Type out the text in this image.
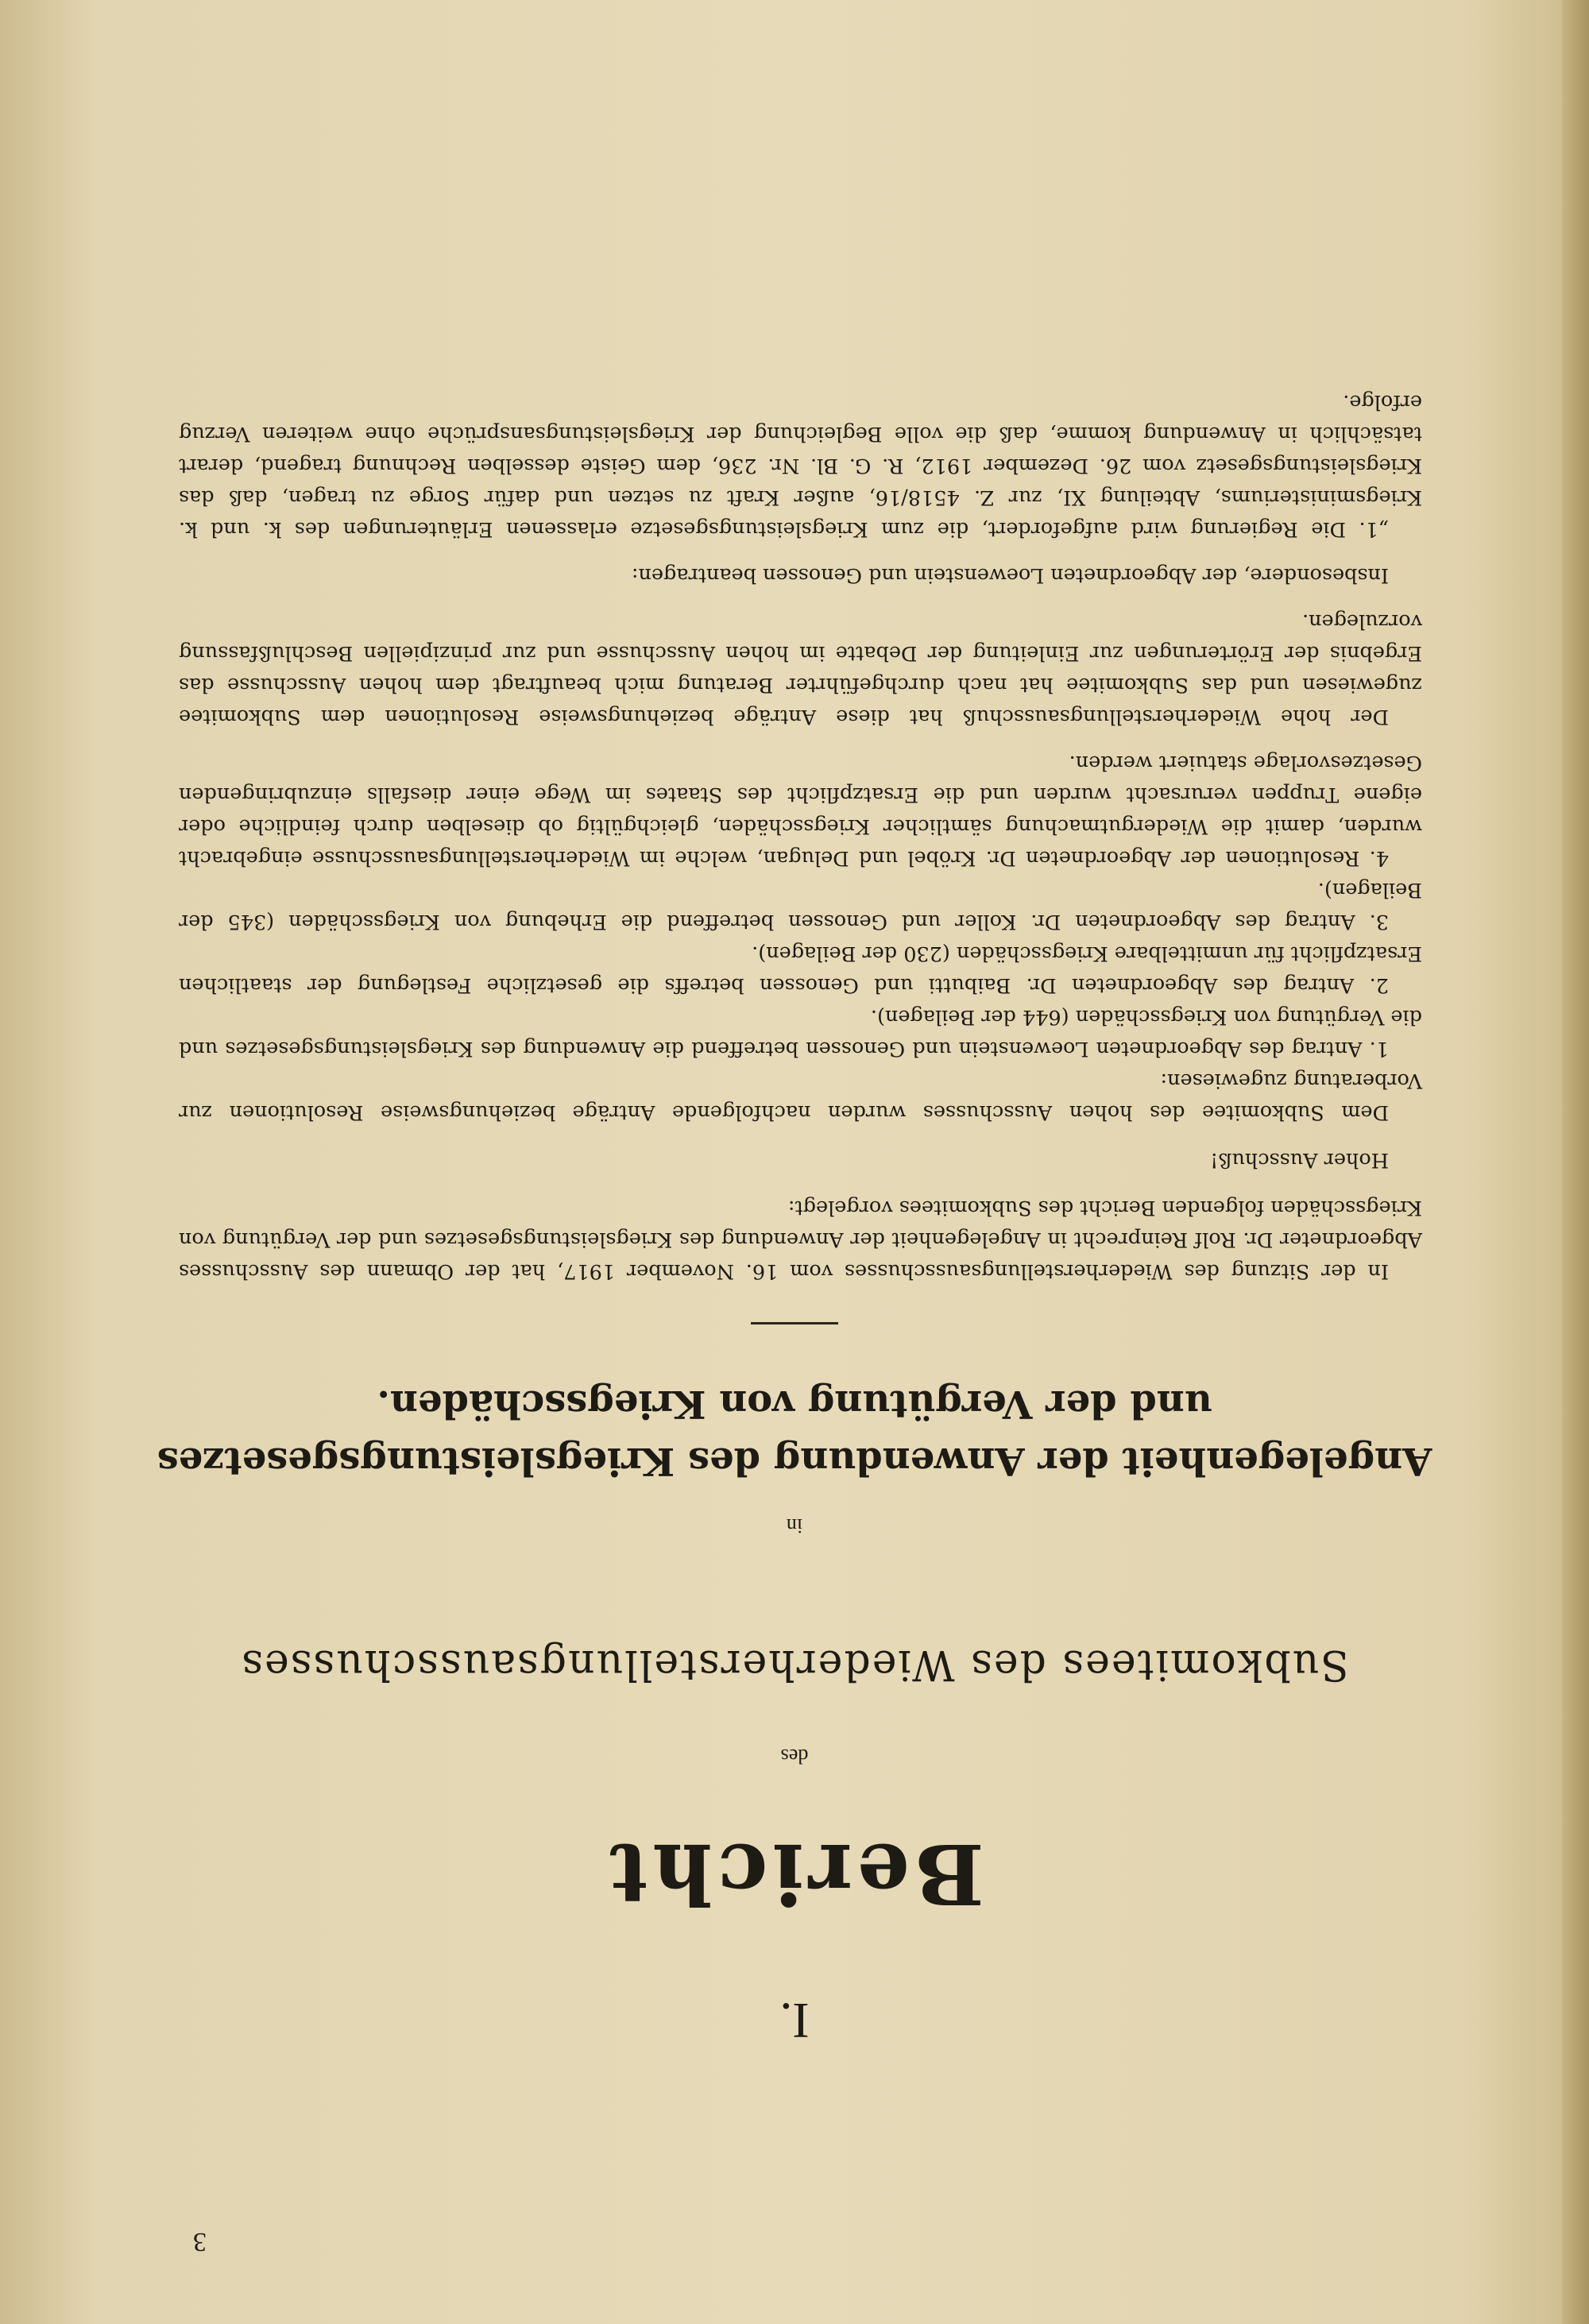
3
I.
Bericht
des
Subkomitees des Wiederherstellungsausschusses
in
Angelegenheit der Anwendung des Kriegsleistungsgesetzes und der Vergütung von Kriegsschäden.

In der Sitzung des Wiederherstellungsausschusses vom 16. November 1917, hat der Obmann des Ausschusses Abgeordneter Dr. Rolf Reinprecht in Angelegenheit der Anwendung des Kriegsleistungsgesetzes und der Vergütung von Kriegsschäden folgenden Bericht des Subkomitees vorgelegt:

Hoher Ausschuß!

Dem Subkomitee des hohen Ausschusses wurden nachfolgende Anträge beziehungsweise Resolutionen zur Vorberatung zugewiesen:

1. Antrag des Abgeordneten Loewenstein und Genossen betreffend die Anwendung des Kriegsleistungsgesetzes und die Vergütung von Kriegsschäden (644 der Beilagen).

2. Antrag des Abgeordneten Dr. Baibutti und Genossen betreffs die gesetzliche Festlegung der staatlichen Ersatzpflicht für unmittelbare Kriegsschäden (230 der Beilagen).

3. Antrag des Abgeordneten Dr. Koller und Genossen betreffend die Erhebung von Kriegsschäden (345 der Beilagen).

4. Resolutionen der Abgeordneten Dr. Kröbel und Delugan, welche im Wiederherstellungsausschusse eingebracht wurden, damit die Wiedergutmachung sämtlicher Kriegsschäden, gleichgültig ob dieselben durch feindliche oder eigene Truppen verursacht wurden und die Ersatzpflicht des Staates im Wege einer diesfalls einzubringenden Gesetzesvorlage statuiert werden.

Der hohe Wiederherstellungsausschuß hat diese Anträge beziehungsweise Resolutionen dem Subkomitee zugewiesen und das Subkomitee hat nach durchgeführter Beratung mich beauftragt dem hohen Ausschusse das Ergebnis der Erörterungen zur Einleitung der Debatte im hohen Ausschusse und zur prinzipiellen Beschlußfassung vorzulegen.

Insbesondere, der Abgeordneten Loewenstein und Genossen beantragen:

„1. Die Regierung wird aufgefordert, die zum Kriegsleistungsgesetze erlassenen Erläuterungen des k. und k. Kriegsministeriums, Abteilung XI, zur Z. 4518/16, außer Kraft zu setzen und dafür Sorge zu tragen, daß das Kriegsleistungsgesetz vom 26. Dezember 1912, R. G. Bl. Nr. 236, dem Geiste desselben Rechnung tragend, derart tatsächlich in Anwendung komme, daß die volle Begleichung der Kriegsleistungsansprüche ohne weiteren Verzug erfolge.
